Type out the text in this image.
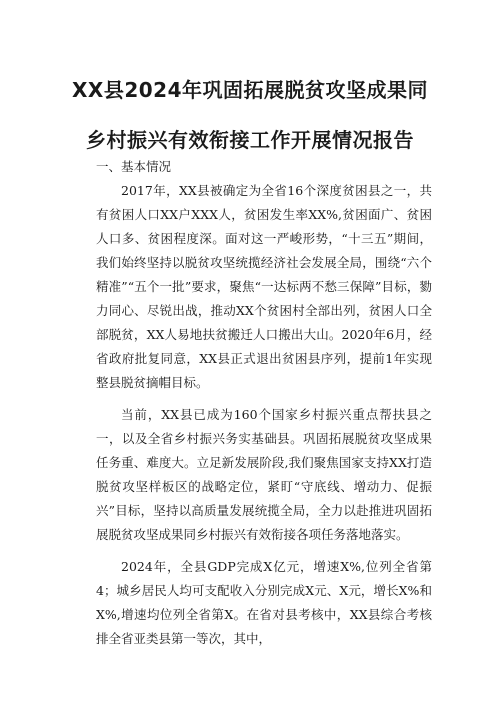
XX县2024年巩固拓展脱贫攻坚成果同
乡村振兴有效衔接工作开展情况报告

一、基本情况

2017年，XX县被确定为全省16个深度贫困县之一，共有贫困人口XX户XXX人，贫困发生率XX%,贫困面广、贫困人口多、贫困程度深。面对这一严峻形势，“十三五”期间，我们始终坚持以脱贫攻坚统揽经济社会发展全局，围绕“六个精准”“五个一批”要求，聚焦“一达标两不愁三保障”目标，勠力同心、尽锐出战，推动XX个贫困村全部出列，贫困人口全部脱贫，XX人易地扶贫搬迁人口搬出大山。2020年6月，经省政府批复同意，XX县正式退出贫困县序列，提前1年实现整县脱贫摘帽目标。

当前，XX县已成为160个国家乡村振兴重点帮扶县之一，以及全省乡村振兴务实基础县。巩固拓展脱贫攻坚成果任务重、难度大。立足新发展阶段,我们聚焦国家支持XX打造脱贫攻坚样板区的战略定位，紧盯“守底线、增动力、促振兴”目标，坚持以高质量发展统揽全局，全力以赴推进巩固拓展脱贫攻坚成果同乡村振兴有效衔接各项任务落地落实。

2024年，全县GDP完成X亿元，增速X%,位列全省第4；城乡居民人均可支配收入分别完成X元、X元，增长X%和X%,增速均位列全省第X。在省对县考核中，XX县综合考核排全省亚类县第一等次，其中，
